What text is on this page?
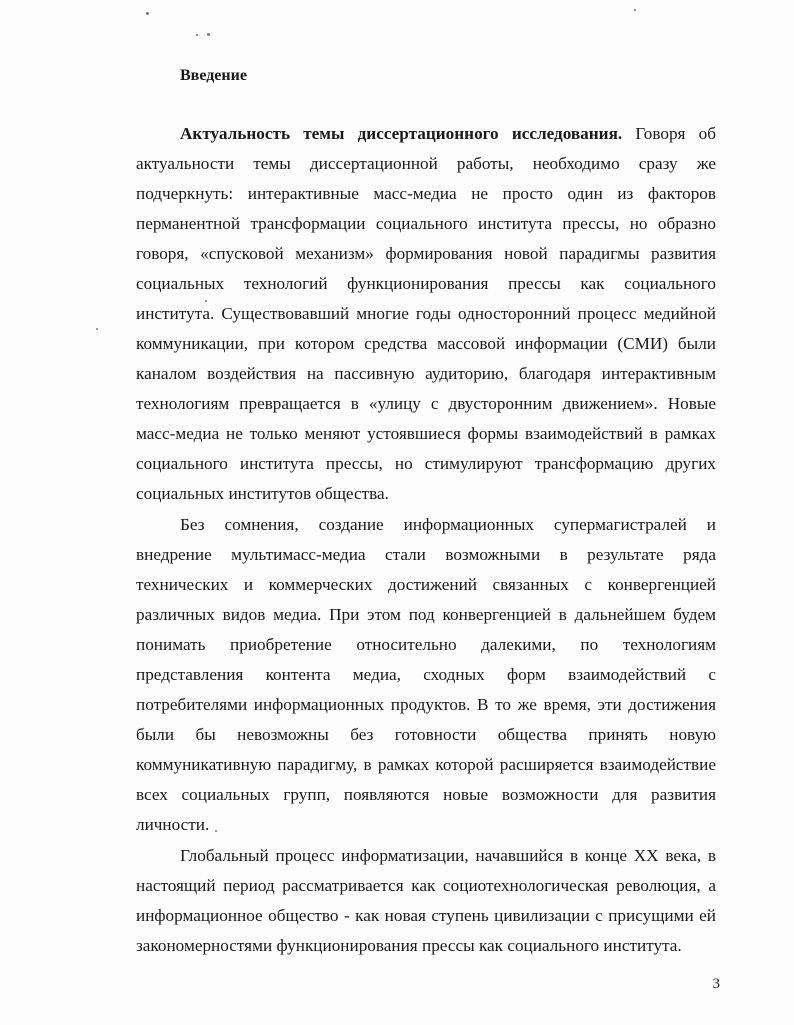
Введение

Актуальность темы диссертационного исследования. Говоря об актуальности темы диссертационной работы, необходимо сразу же подчеркнуть: интерактивные масс-медиа не просто один из факторов перманентной трансформации социального института прессы, но образно говоря, «спусковой механизм» формирования новой парадигмы развития социальных технологий функционирования прессы как социального института. Существовавший многие годы односторонний процесс медийной коммуникации, при котором средства массовой информации (СМИ) были каналом воздействия на пассивную аудиторию, благодаря интерактивным технологиям превращается в «улицу с двусторонним движением». Новые масс-медиа не только меняют устоявшиеся формы взаимодействий в рамках социального института прессы, но стимулируют трансформацию других социальных институтов общества.

Без сомнения, создание информационных супермагистралей и внедрение мультимасс-медиа стали возможными в результате ряда технических и коммерческих достижений связанных с конвергенцией различных видов медиа. При этом под конвергенцией в дальнейшем будем понимать приобретение относительно далекими, по технологиям представления контента медиа, сходных форм взаимодействий с потребителями информационных продуктов. В то же время, эти достижения были бы невозможны без готовности общества принять новую коммуникативную парадигму, в рамках которой расширяется взаимодействие всех социальных групп, появляются новые возможности для развития личности.

Глобальный процесс информатизации, начавшийся в конце XX века, в настоящий период рассматривается как социотехнологическая революция, а информационное общество - как новая ступень цивилизации с присущими ей закономерностями функционирования прессы как социального института.

3
